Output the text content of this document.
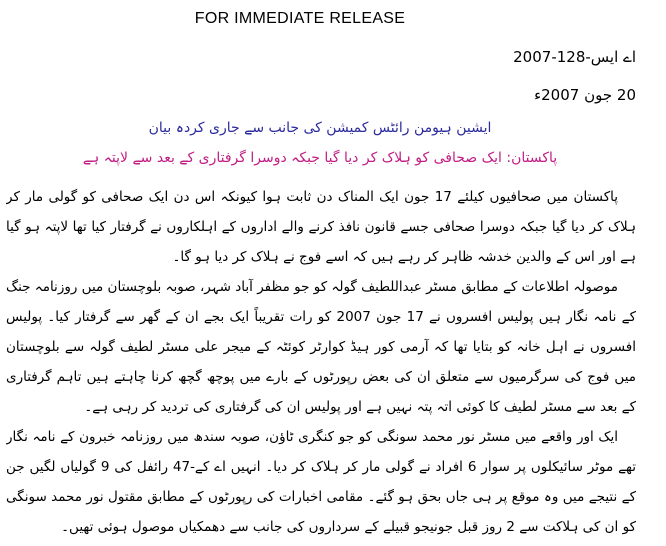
FOR IMMEDIATE RELEASE
اے ایس-128-2007
20 جون 2007ء
ایشین ہیومن رائٹس کمیشن کی جانب سے جاری کردہ بیان
پاکستان: ایک صحافی کو ہلاک کر دیا گیا جبکہ دوسرا گرفتاری کے بعد سے لاپتہ ہے

پاکستان میں صحافیوں کیلئے 17 جون ایک المناک دن ثابت ہوا کیونکہ اس دن ایک صحافی کو گولی مار کر ہلاک کر دیا گیا جبکہ دوسرا صحافی جسے قانون نافذ کرنے والے اداروں کے اہلکاروں نے گرفتار کیا تھا لاپتہ ہو گیا ہے اور اس کے والدین خدشہ ظاہر کر رہے ہیں کہ اسے فوج نے ہلاک کر دیا ہو گا۔

موصولہ اطلاعات کے مطابق مسٹر عبداللطیف گولہ کو جو مظفر آباد شہر، صوبہ بلوچستان میں روزنامہ جنگ کے نامہ نگار ہیں پولیس افسروں نے 17 جون 2007 کو رات تقریباً ایک بجے ان کے گھر سے گرفتار کیا۔ پولیس افسروں نے اہل خانہ کو بتایا تھا کہ آرمی کور ہیڈ کوارٹر کوئٹہ کے میجر علی مسٹر لطیف گولہ سے بلوچستان میں فوج کی سرگرمیوں سے متعلق ان کی بعض رپورٹوں کے بارے میں پوچھ گچھ کرنا چاہتے ہیں تاہم گرفتاری کے بعد سے مسٹر لطیف کا کوئی اتہ پتہ نہیں ہے اور پولیس ان کی گرفتاری کی تردید کر رہی ہے۔

ایک اور واقعے میں مسٹر نور محمد سونگی کو جو کنگری ٹاؤن، صوبہ سندھ میں روزنامہ خبرون کے نامہ نگار تھے موٹر سائیکلوں پر سوار 6 افراد نے گولی مار کر ہلاک کر دیا۔ انہیں اے کے-47 رائفل کی 9 گولیاں لگیں جن کے نتیجے میں وہ موقع پر ہی جاں بحق ہو گئے۔ مقامی اخبارات کی رپورٹوں کے مطابق مقتول نور محمد سونگی کو ان کی ہلاکت سے 2 روز قبل جونیجو قبیلے کے سرداروں کی جانب سے دھمکیاں موصول ہوئی تھیں۔
